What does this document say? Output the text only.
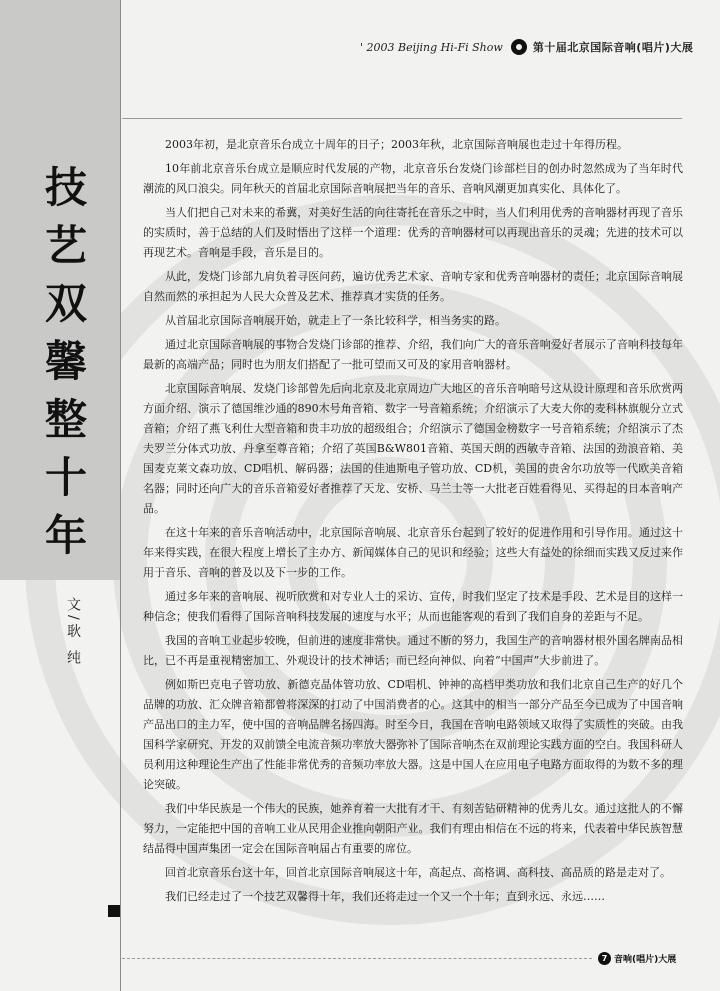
技艺双馨整十年
文/耿 纯
' 2003 Beijing Hi-Fi Show	第十届北京国际音响(唱片)大展

2003年初，是北京音乐台成立十周年的日子；2003年秋，北京国际音响展也走过十年得历程。

10年前北京音乐台成立是顺应时代发展的产物，北京音乐台发烧门诊部栏目的创办时忽然成为了当年时代潮流的风口浪尖。同年秋天的首届北京国际音响展把当年的音乐、音响风潮更加真实化、具体化了。

当人们把自己对未来的希冀，对美好生活的向往寄托在音乐之中时，当人们利用优秀的音响器材再现了音乐的实质时，善于总结的人们及时悟出了这样一个道理：优秀的音响器材可以再现出音乐的灵魂；先进的技术可以再现艺术。音响是手段，音乐是目的。

从此，发烧门诊部九肩负着寻医问药，遍访优秀艺术家、音响专家和优秀音响器材的责任；北京国际音响展自然而然的承担起为人民大众普及艺术、推荐真才实货的任务。

从首届北京国际音响展开始，就走上了一条比较科学，相当务实的路。

通过北京国际音响展的事物合发烧门诊部的推荐、介绍，我们向广大的音乐音响爱好者展示了音响科技每年最新的高端产品；同时也为朋友们搭配了一批可望而又可及的家用音响器材。

北京国际音响展、发烧门诊部曾先后向北京及北京周边广大地区的音乐音响暗号这从设计原理和音乐欣赏两方面介绍、演示了德国维沙通的890木号角音箱、数字一号音箱系统；介绍演示了大麦大你的麦科林旗舰分立式音箱；介绍了燕飞利仕大型音箱和贵丰功放的超级组合；介绍演示了德国金榜数字一号音箱系统；介绍演示了杰夫罗兰分体式功放、丹拿至尊音箱；介绍了英国B&W801音箱、英国天朗的西敏寺音箱、法国的劲浪音箱、美国麦克莱文森功放、CD唱机、解码器；法国的佳迪斯电子管功放、CD机，美国的贵舍尔功放等一代欧美音箱名器；同时还向广大的音乐音箱爱好者推荐了天龙、安桥、马兰士等一大批老百姓看得见、买得起的日本音响产品。

在这十年来的音乐音响活动中，北京国际音响展、北京音乐台起到了较好的促进作用和引导作用。通过这十年来得实践，在很大程度上增长了主办方、新闻媒体自己的见识和经验；这些大有益处的徐细而实践又反过来作用于音乐、音响的普及以及下一步的工作。

通过多年来的音响展、视听欣赏和对专业人士的采访、宣传，时我们坚定了技术是手段、艺术是目的这样一种信念；使我们看得了国际音响科技发展的速度与水平；从而也能客观的看到了我们自身的差距与不足。

我国的音响工业起步较晚，但前进的速度非常快。通过不断的努力，我国生产的音响器材根外国名牌南品相比，已不再是重视精密加工、外观设计的技术神话；而已经向神似、向着“中国声”大步前进了。

例如斯巴克电子管功放、新德克晶体管功放、CD唱机、钟神的高档甲类功放和我们北京自己生产的好几个品牌的功放、汇众牌音箱都曾将深深的打动了中国消费者的心。这其中的相当一部分产品至今已成为了中国音响产品出口的主力军，使中国的音响品牌名扬四海。时至今日，我国在音响电路领域又取得了实质性的突破。由我国科学家研究、开发的双前馈全电流音频功率放大器弥补了国际音响杰在双前理论实践方面的空白。我国科研人员利用这种理论生产出了性能非常优秀的音频功率放大器。这是中国人在应用电子电路方面取得的为数不多的理论突破。

我们中华民族是一个伟大的民族，她养育着一大批有才干、有刻苦钻研精神的优秀儿女。通过这批人的不懈努力，一定能把中国的音响工业从民用企业推向朝阳产业。我们有理由相信在不远的将来，代表着中华民族智慧结晶得中国声集团一定会在国际音响届占有重要的席位。

回首北京音乐台这十年，回首北京国际音响展这十年，高起点、高格调、高科技、高品质的路是走对了。

我们已经走过了一个技艺双馨得十年，我们还将走过一个又一个十年；直到永远、永远……

7 音响(唱片)大展
